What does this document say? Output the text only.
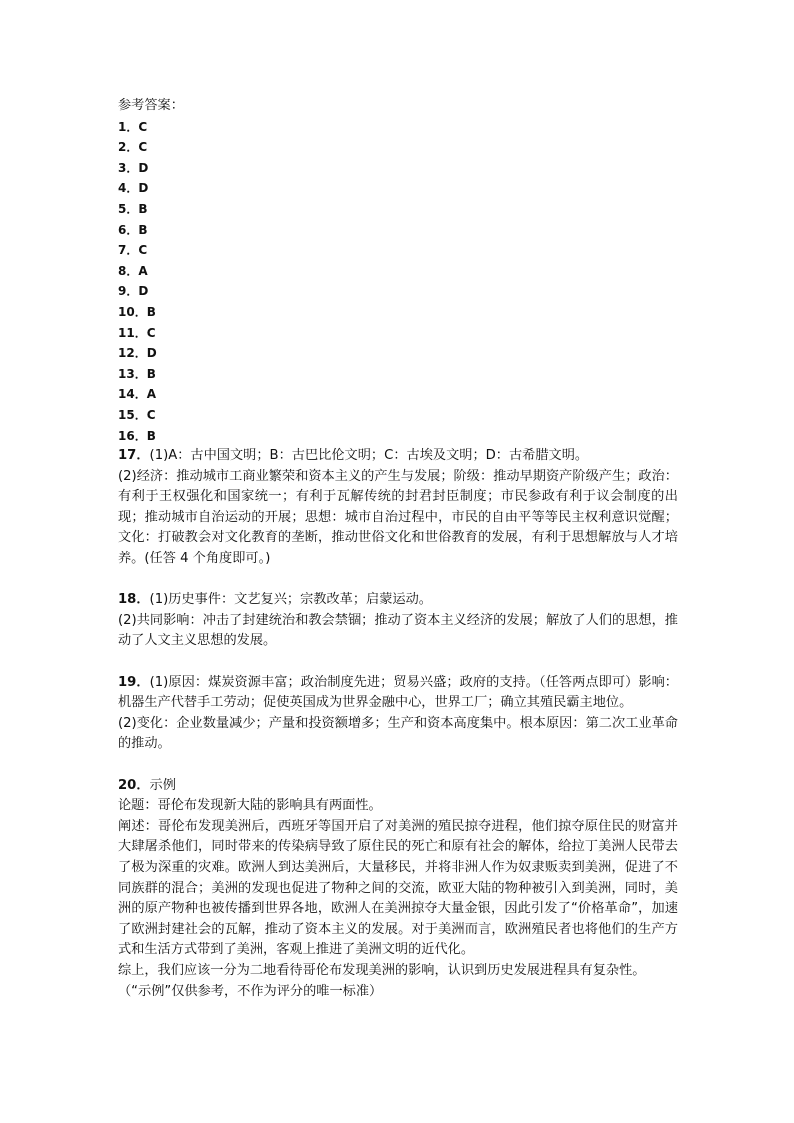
参考答案：
1．C
2．C
3．D
4．D
5．B
6．B
7．C
8．A
9．D
10．B
11．C
12．D
13．B
14．A
15．C
16．B
17．(1)A：古中国文明；B：古巴比伦文明；C：古埃及文明；D：古希腊文明。
(2)经济：推动城市工商业繁荣和资本主义的产生与发展；阶级：推动早期资产阶级产生；政治：有利于王权强化和国家统一；有利于瓦解传统的封君封臣制度；市民参政有利于议会制度的出现；推动城市自治运动的开展；思想：城市自治过程中，市民的自由平等等民主权利意识觉醒；文化：打破教会对文化教育的垄断，推动世俗文化和世俗教育的发展，有利于思想解放与人才培养。(任答 4 个角度即可。)
18．(1)历史事件：文艺复兴；宗教改革；启蒙运动。
(2)共同影响：冲击了封建统治和教会禁锢；推动了资本主义经济的发展；解放了人们的思想，推动了人文主义思想的发展。
19．(1)原因：煤炭资源丰富；政治制度先进；贸易兴盛；政府的支持。（任答两点即可）影响：机器生产代替手工劳动；促使英国成为世界金融中心，世界工厂；确立其殖民霸主地位。
(2)变化：企业数量减少；产量和投资额增多；生产和资本高度集中。根本原因：第二次工业革命的推动。
20．示例
论题：哥伦布发现新大陆的影响具有两面性。
阐述：哥伦布发现美洲后，西班牙等国开启了对美洲的殖民掠夺进程，他们掠夺原住民的财富并大肆屠杀他们，同时带来的传染病导致了原住民的死亡和原有社会的解体，给拉丁美洲人民带去了极为深重的灾难。欧洲人到达美洲后，大量移民，并将非洲人作为奴隶贩卖到美洲，促进了不同族群的混合；美洲的发现也促进了物种之间的交流，欧亚大陆的物种被引入到美洲，同时，美洲的原产物种也被传播到世界各地，欧洲人在美洲掠夺大量金银，因此引发了“价格革命”，加速了欧洲封建社会的瓦解，推动了资本主义的发展。对于美洲而言，欧洲殖民者也将他们的生产方式和生活方式带到了美洲，客观上推进了美洲文明的近代化。
综上，我们应该一分为二地看待哥伦布发现美洲的影响，认识到历史发展进程具有复杂性。
（“示例”仅供参考，不作为评分的唯一标准）
